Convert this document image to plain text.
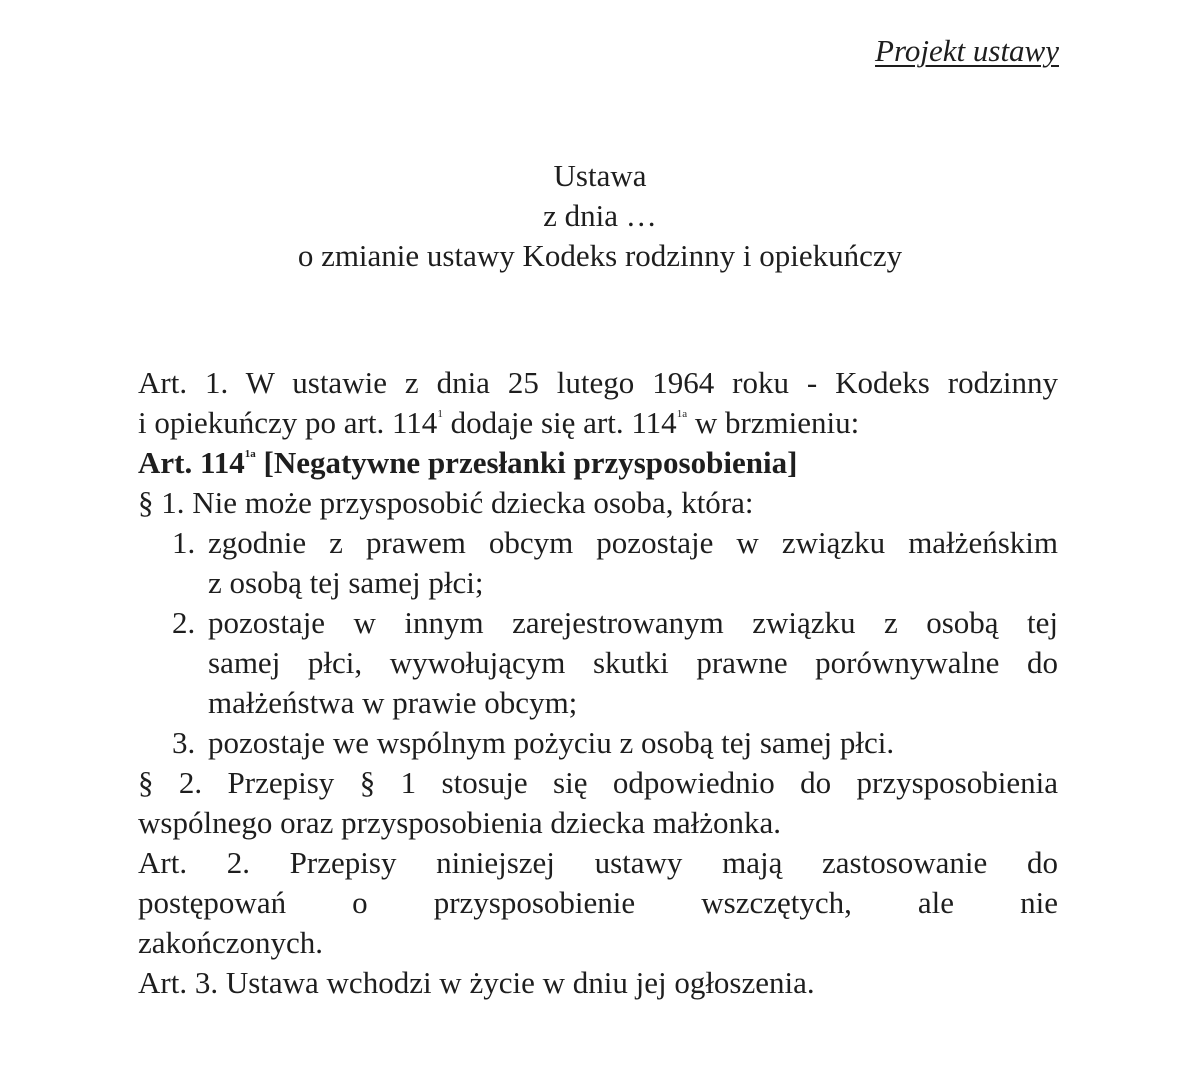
Projekt ustawy
Ustawa
z dnia …
o zmianie ustawy Kodeks rodzinny i opiekuńczy
Art. 1. W ustawie z dnia 25 lutego 1964 roku - Kodeks rodzinny
i opiekuńczy po art. $114^1$ dodaje się art. $114^{1a}$ w brzmieniu:
Art. $114^{1a}$ [Negatywne przesłanki przysposobienia]
§ 1. Nie może przysposobić dziecka osoba, która:
1. zgodnie z prawem obcym pozostaje w związku małżeńskim
z osobą tej samej płci;
2. pozostaje w innym zarejestrowanym związku z osobą tej
samej płci, wywołującym skutki prawne porównywalne do
małżeństwa w prawie obcym;
3. pozostaje we wspólnym pożyciu z osobą tej samej płci.
§ 2. Przepisy § 1 stosuje się odpowiednio do przysposobienia
wspólnego oraz przysposobienia dziecka małżonka.
Art. 2. Przepisy niniejszej ustawy mają zastosowanie do
postępowań o przysposobienie wszczętych, ale nie
zakończonych.
Art. 3. Ustawa wchodzi w życie w dniu jej ogłoszenia.
